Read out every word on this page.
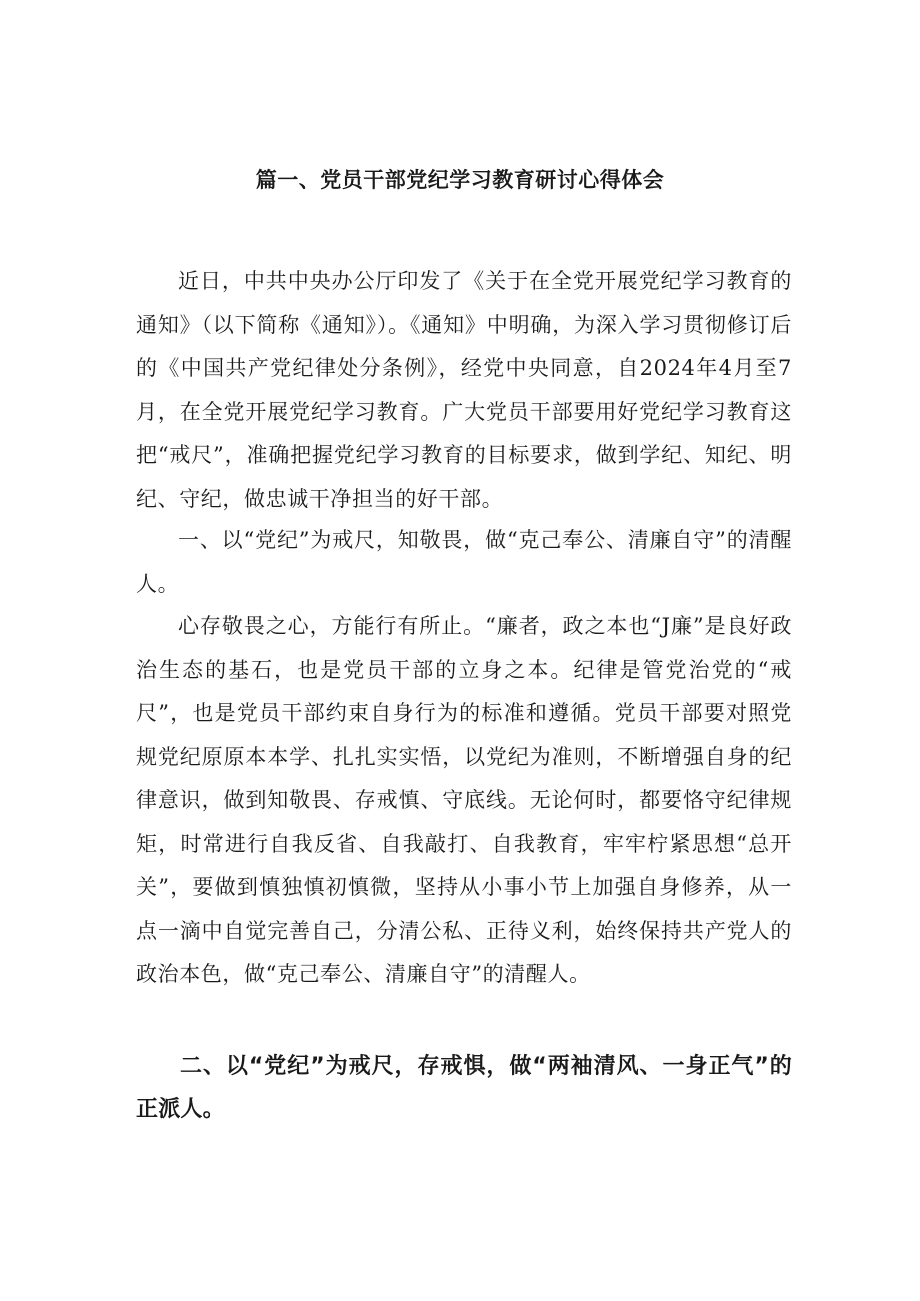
篇一、党员干部党纪学习教育研讨心得体会

近日，中共中央办公厅印发了《关于在全党开展党纪学习教育的通知》（以下简称《通知》）。《通知》中明确，为深入学习贯彻修订后的《中国共产党纪律处分条例》，经党中央同意，自2024年4月至7月，在全党开展党纪学习教育。广大党员干部要用好党纪学习教育这把“戒尺”，准确把握党纪学习教育的目标要求，做到学纪、知纪、明纪、守纪，做忠诚干净担当的好干部。

一、以“党纪”为戒尺，知敬畏，做“克己奉公、清廉自守”的清醒人。

心存敬畏之心，方能行有所止。“廉者，政之本也“J廉”是良好政治生态的基石，也是党员干部的立身之本。纪律是管党治党的“戒尺”，也是党员干部约束自身行为的标准和遵循。党员干部要对照党规党纪原原本本学、扎扎实实悟，以党纪为准则，不断增强自身的纪律意识，做到知敬畏、存戒慎、守底线。无论何时，都要恪守纪律规矩，时常进行自我反省、自我敲打、自我教育，牢牢柠紧思想“总开关”，要做到慎独慎初慎微，坚持从小事小节上加强自身修养，从一点一滴中自觉完善自己，分清公私、正待义利，始终保持共产党人的政治本色，做“克己奉公、清廉自守”的清醒人。

二、以“党纪”为戒尺，存戒惧，做“两袖清风、一身正气”的正派人。
